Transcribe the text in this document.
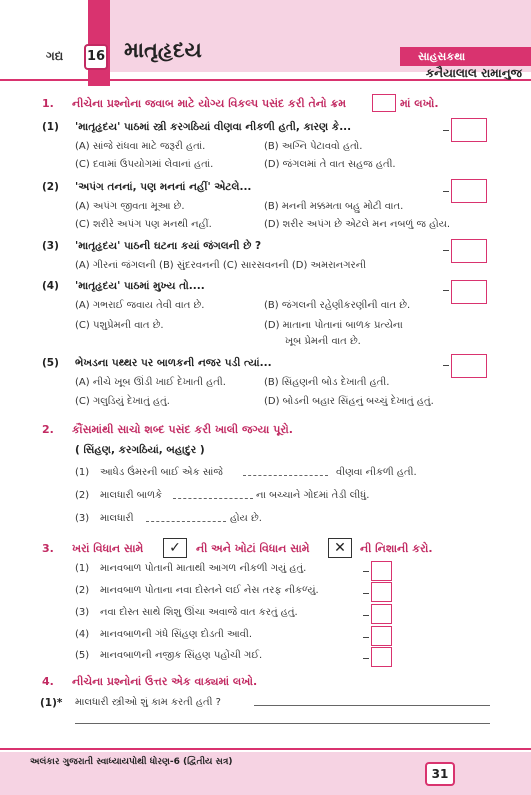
ગદ્ય 16 માતૃહૃદય	સાહસકથા
કનૈયાલાલ રામાનુજ
1. નીચેના પ્રશ્નોના જવાબ માટે યોગ્ય વિકલ્પ પસંદ કરી તેનો ક્રમ	માં લખો.
(1) 'માતૃહૃદય' પાઠમાં સ્ત્રી કરગઠિયાં વીણવા નીકળી હતી, કારણ કે...
(A) સાંજે રાંધવા માટે જરૂરી હતાં.	(B) અગ્નિ પેટાવવો હતો.
(C) દવામાં ઉપયોગમાં લેવાનાં હતાં.	(D) જંગલમાં તે વાત સહજ હતી.
(2) 'અપંગ તનનાં, પણ મનનાં નહીં' એટલે...
(A) અપંગ જીવતા મૂઆ છે.	(B) મનની મક્કમતા બહુ મોટી વાત.
(C) શરીરે અપંગ પણ મનથી નહીં.	(D) શરીર અપંગ છે એટલે મન નબળું જ હોય.
(3) 'માતૃહૃદય' પાઠની ઘટના કયાં જંગલની છે ?
(A) ગીરનાં જંગલની (B) સુંદરવનની (C) સારસવનની (D) અમરાનગરની
(4) 'માતૃહૃદય' પાઠમાં મુખ્ય તો....
(A) ગભરાઈ જવાય તેવી વાત છે.	(B) જંગલની રહેણીકરણીની વાત છે.
(C) પશુપ્રેમની વાત છે.	(D) માતાના પોતાનાં બાળક પ્રત્યેના
ખૂબ પ્રેમની વાત છે.
(5) ભેખડના પથ્થર પર બાળકની નજર પડી ત્યાં...
(A) નીચે ખૂબ ઊંડી ખાઈ દેખાતી હતી.	(B) સિંહણની બોડ દેખાતી હતી.
(C) ગલુડિયું દેખાતું હતું.	(D) બોડની બહાર સિંહનું બચ્ચું દેખાતું હતું.
2. કૌંસમાંથી સાચો શબ્દ પસંદ કરી ખાલી જગ્યા પૂરો.
( સિંહણ, કરગઠિયાં, બહાદુર )
(1) આધેડ ઉંમરની બાઈ એક સાંજે	વીણવા નીકળી હતી.
(2) માલધારી બાળકે	ના બચ્ચાને ગોદમાં તેડી લીધું.
(3) માલધારી	હોય છે.
3. ખરાં વિધાન સામે	✓	ની અને ખોટાં વિધાન સામે	✕	ની નિશાની કરો.
(1) માનવબાળ પોતાની માતાથી આગળ નીકળી ગયું હતું.
(2) માનવબાળ પોતાના નવા દોસ્તને લઈ નેસ તરફ નીકળ્યું.
(3) નવા દોસ્ત સાથે શિશુ ઊંચા અવાજે વાત કરતું હતું.
(4) માનવબાળની ગંધે સિંહણ દોડતી આવી.
(5) માનવબાળની નજીક સિંહણ પહોંચી ગઈ.
4. નીચેના પ્રશ્નોનાં ઉત્તર એક વાક્યમાં લખો.
(1)* માલધારી સ્ત્રીઓ શું કામ કરતી હતી ?
અલંકાર ગુજરાતી સ્વાધ્યાયપોથી ધોરણ-6 (દ્વિતીય સત્ર)
31
